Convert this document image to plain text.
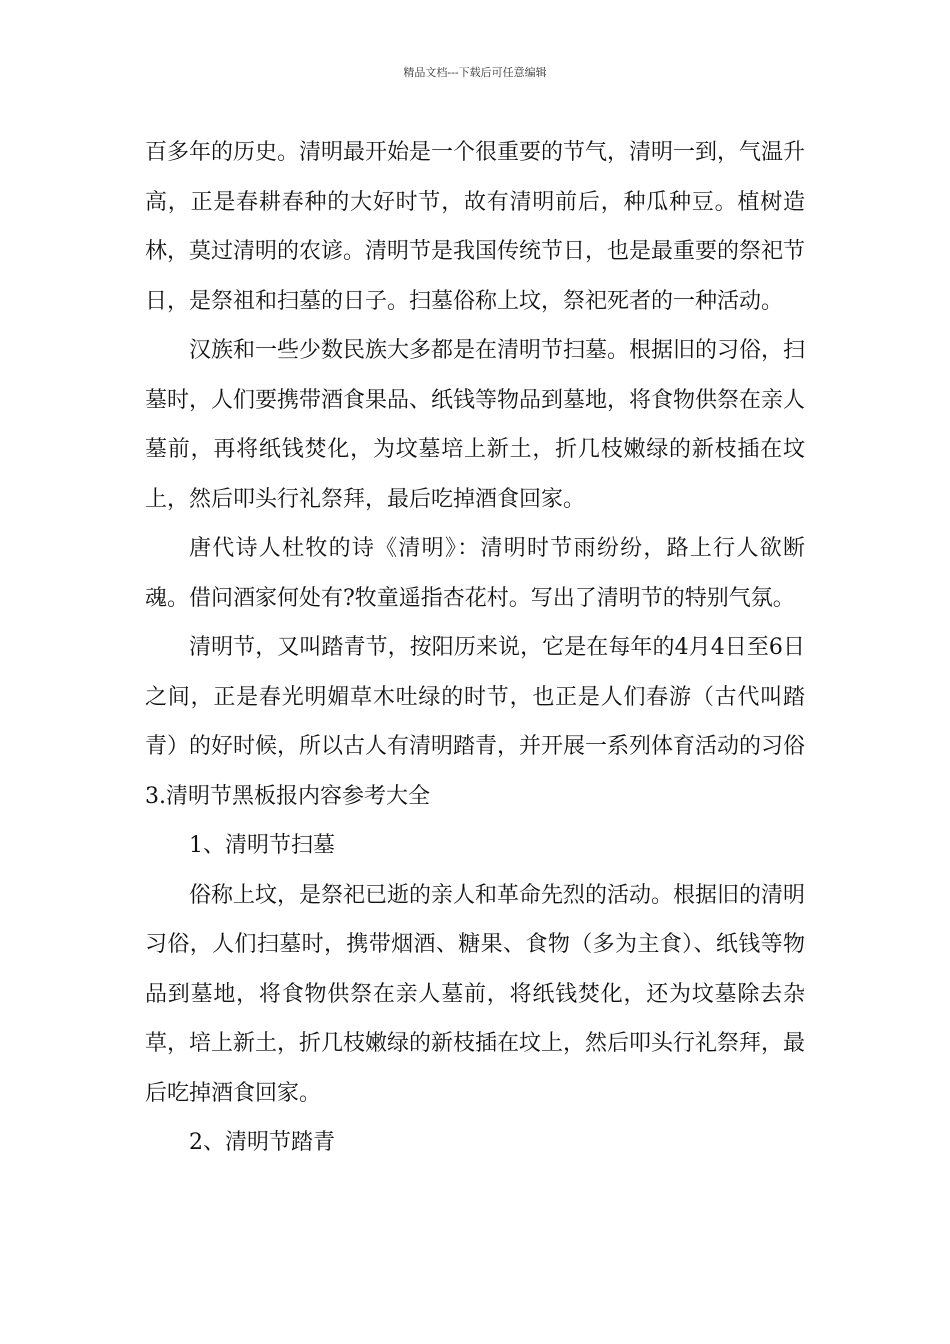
精品文档---下载后可任意编辑

百多年的历史。清明最开始是一个很重要的节气，清明一到，气温升高，正是春耕春种的大好时节，故有清明前后，种瓜种豆。植树造林，莫过清明的农谚。清明节是我国传统节日，也是最重要的祭祀节日，是祭祖和扫墓的日子。扫墓俗称上坟，祭祀死者的一种活动。

汉族和一些少数民族大多都是在清明节扫墓。根据旧的习俗，扫墓时，人们要携带酒食果品、纸钱等物品到墓地，将食物供祭在亲人墓前，再将纸钱焚化，为坟墓培上新土，折几枝嫩绿的新枝插在坟上，然后叩头行礼祭拜，最后吃掉酒食回家。

唐代诗人杜牧的诗《清明》：清明时节雨纷纷，路上行人欲断魂。借问酒家何处有?牧童遥指杏花村。写出了清明节的特别气氛。

清明节，又叫踏青节，按阳历来说，它是在每年的4月4日至6日之间，正是春光明媚草木吐绿的时节，也正是人们春游（古代叫踏青）的好时候，所以古人有清明踏青，并开展一系列体育活动的习俗3.清明节黑板报内容参考大全

1、清明节扫墓

俗称上坟，是祭祀已逝的亲人和革命先烈的活动。根据旧的清明习俗，人们扫墓时，携带烟酒、糖果、食物（多为主食）、纸钱等物品到墓地，将食物供祭在亲人墓前，将纸钱焚化，还为坟墓除去杂草，培上新土，折几枝嫩绿的新枝插在坟上，然后叩头行礼祭拜，最后吃掉酒食回家。

2、清明节踏青
